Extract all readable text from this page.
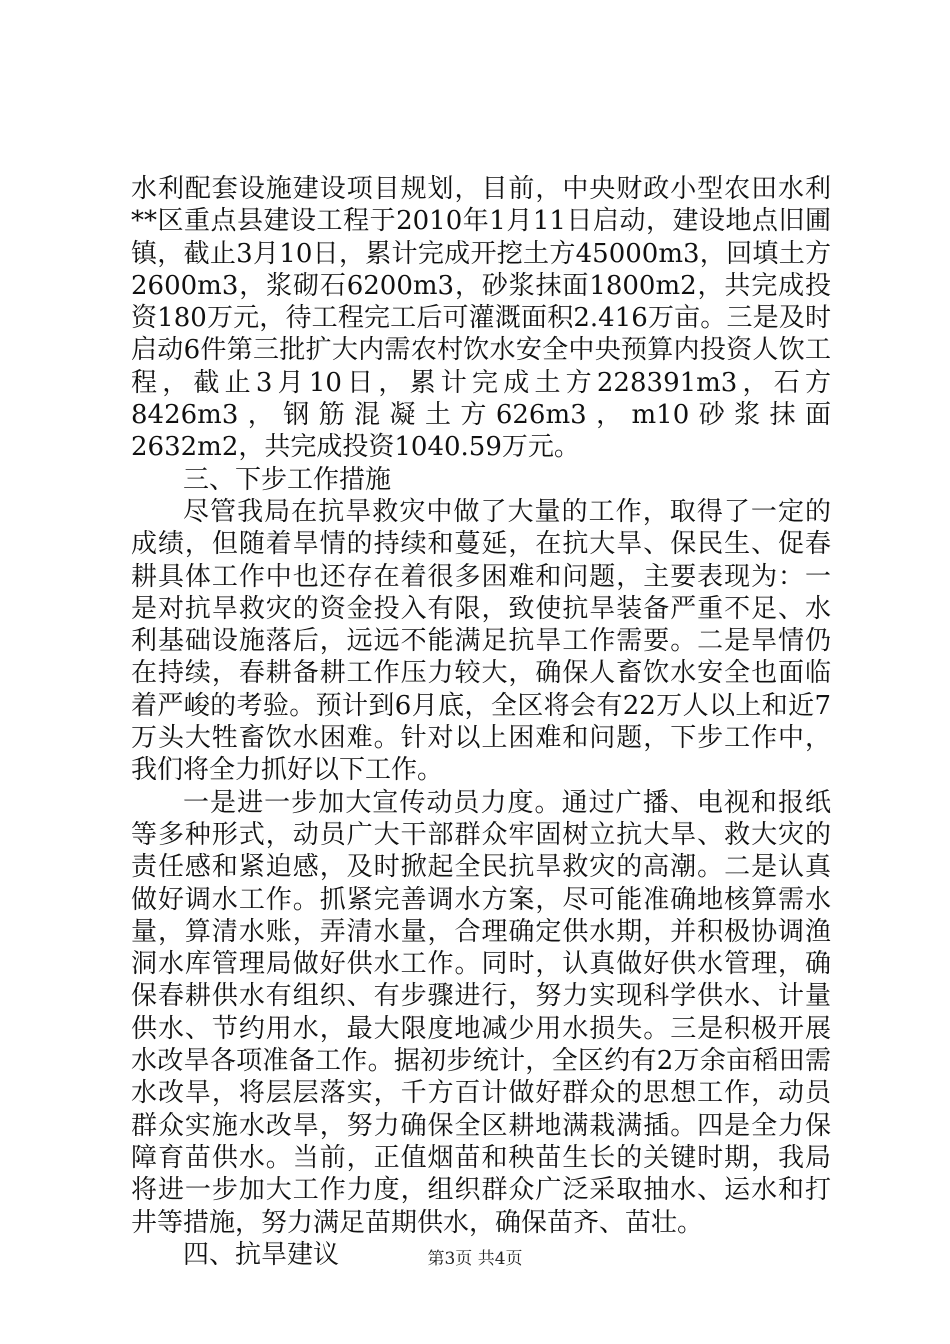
水利配套设施建设项目规划，目前，中央财政小型农田水利**区重点县建设工程于2010年1月11日启动，建设地点旧圃镇，截止3月10日，累计完成开挖土方45000m3，回填土方2600m3，浆砌石6200m3，砂浆抹面1800m2，共完成投资180万元，待工程完工后可灌溉面积2.416万亩。三是及时启动6件第三批扩大内需农村饮水安全中央预算内投资人饮工程，截止3月10日，累计完成土方228391m3，石方8426m3，钢筋混凝土方626m3，m10砂浆抹面2632m2，共完成投资1040.59万元。

三、下步工作措施

尽管我局在抗旱救灾中做了大量的工作，取得了一定的成绩，但随着旱情的持续和蔓延，在抗大旱、保民生、促春耕具体工作中也还存在着很多困难和问题，主要表现为：一是对抗旱救灾的资金投入有限，致使抗旱装备严重不足、水利基础设施落后，远远不能满足抗旱工作需要。二是旱情仍在持续，春耕备耕工作压力较大，确保人畜饮水安全也面临着严峻的考验。预计到6月底，全区将会有22万人以上和近7万头大牲畜饮水困难。针对以上困难和问题，下步工作中，我们将全力抓好以下工作。

一是进一步加大宣传动员力度。通过广播、电视和报纸等多种形式，动员广大干部群众牢固树立抗大旱、救大灾的责任感和紧迫感，及时掀起全民抗旱救灾的高潮。二是认真做好调水工作。抓紧完善调水方案，尽可能准确地核算需水量，算清水账，弄清水量，合理确定供水期，并积极协调渔洞水库管理局做好供水工作。同时，认真做好供水管理，确保春耕供水有组织、有步骤进行，努力实现科学供水、计量供水、节约用水，最大限度地减少用水损失。三是积极开展水改旱各项准备工作。据初步统计，全区约有2万余亩稻田需水改旱，将层层落实，千方百计做好群众的思想工作，动员群众实施水改旱，努力确保全区耕地满栽满插。四是全力保障育苗供水。当前，正值烟苗和秧苗生长的关键时期，我局将进一步加大工作力度，组织群众广泛采取抽水、运水和打井等措施，努力满足苗期供水，确保苗齐、苗壮。

四、抗旱建议	第3页 共4页
